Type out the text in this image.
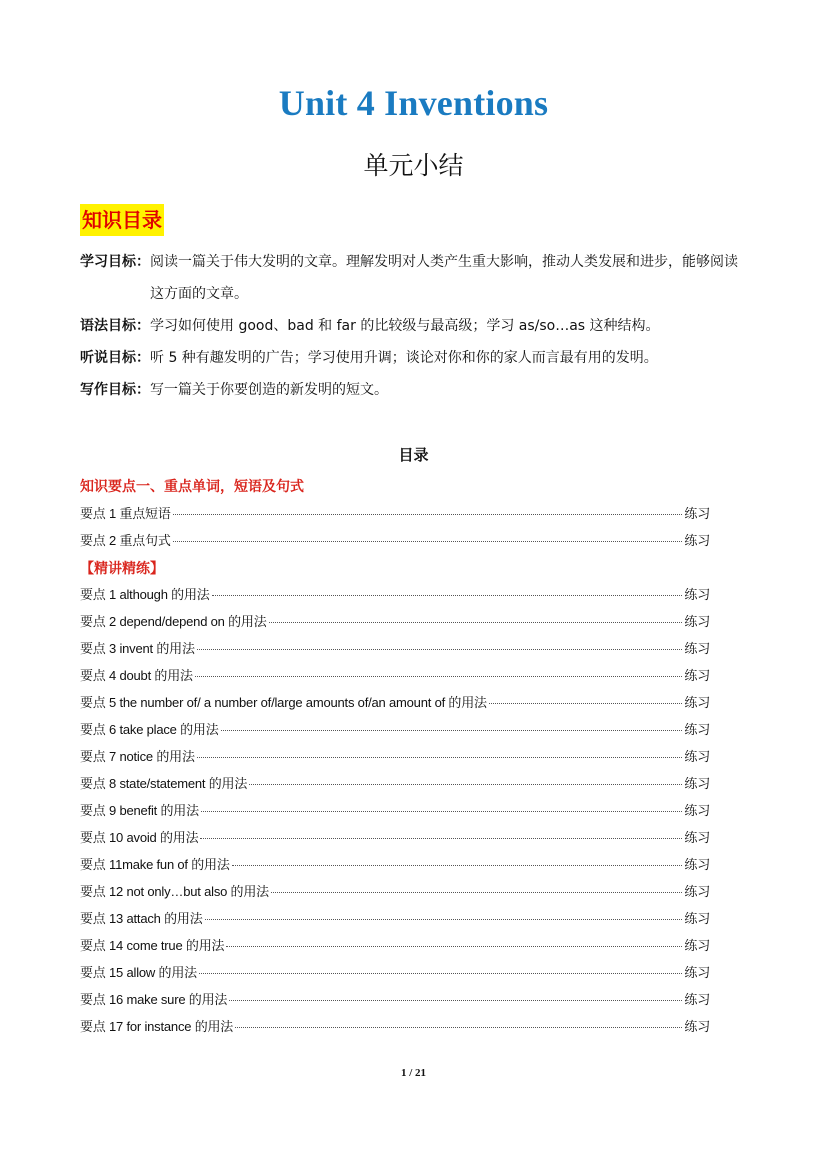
Unit 4 Inventions
单元小结
知识目录
学习目标： 阅读一篇关于伟大发明的文章。理解发明对人类产生重大影响，推动人类发展和进步，能够阅读这方面的文章。
语法目标： 学习如何使用 good、bad 和 far 的比较级与最高级；学习 as/so…as 这种结构。
听说目标：听 5 种有趣发明的广告；学习使用升调；谈论对你和你的家人而言最有用的发明。
写作目标： 写一篇关于你要创造的新发明的短文。
目录
知识要点一、重点单词，短语及句式
要点 1 重点短语	练习
要点 2 重点句式	练习
【精讲精练】
要点 1 although 的用法	练习
要点 2 depend/depend on 的用法	练习
要点 3 invent 的用法	练习
要点 4 doubt 的用法	练习
要点 5 the number of/ a number of/large amounts of/an amount of 的用法	练习
要点 6 take place 的用法	练习
要点 7 notice 的用法	练习
要点 8 state/statement 的用法	练习
要点 9 benefit 的用法	练习
要点 10 avoid 的用法	练习
要点 11make fun of 的用法	练习
要点 12 not only…but also 的用法	练习
要点 13 attach 的用法	练习
要点 14 come true 的用法	练习
要点 15 allow 的用法	练习
要点 16 make sure 的用法	练习
要点 17 for instance 的用法	练习
1 / 21
